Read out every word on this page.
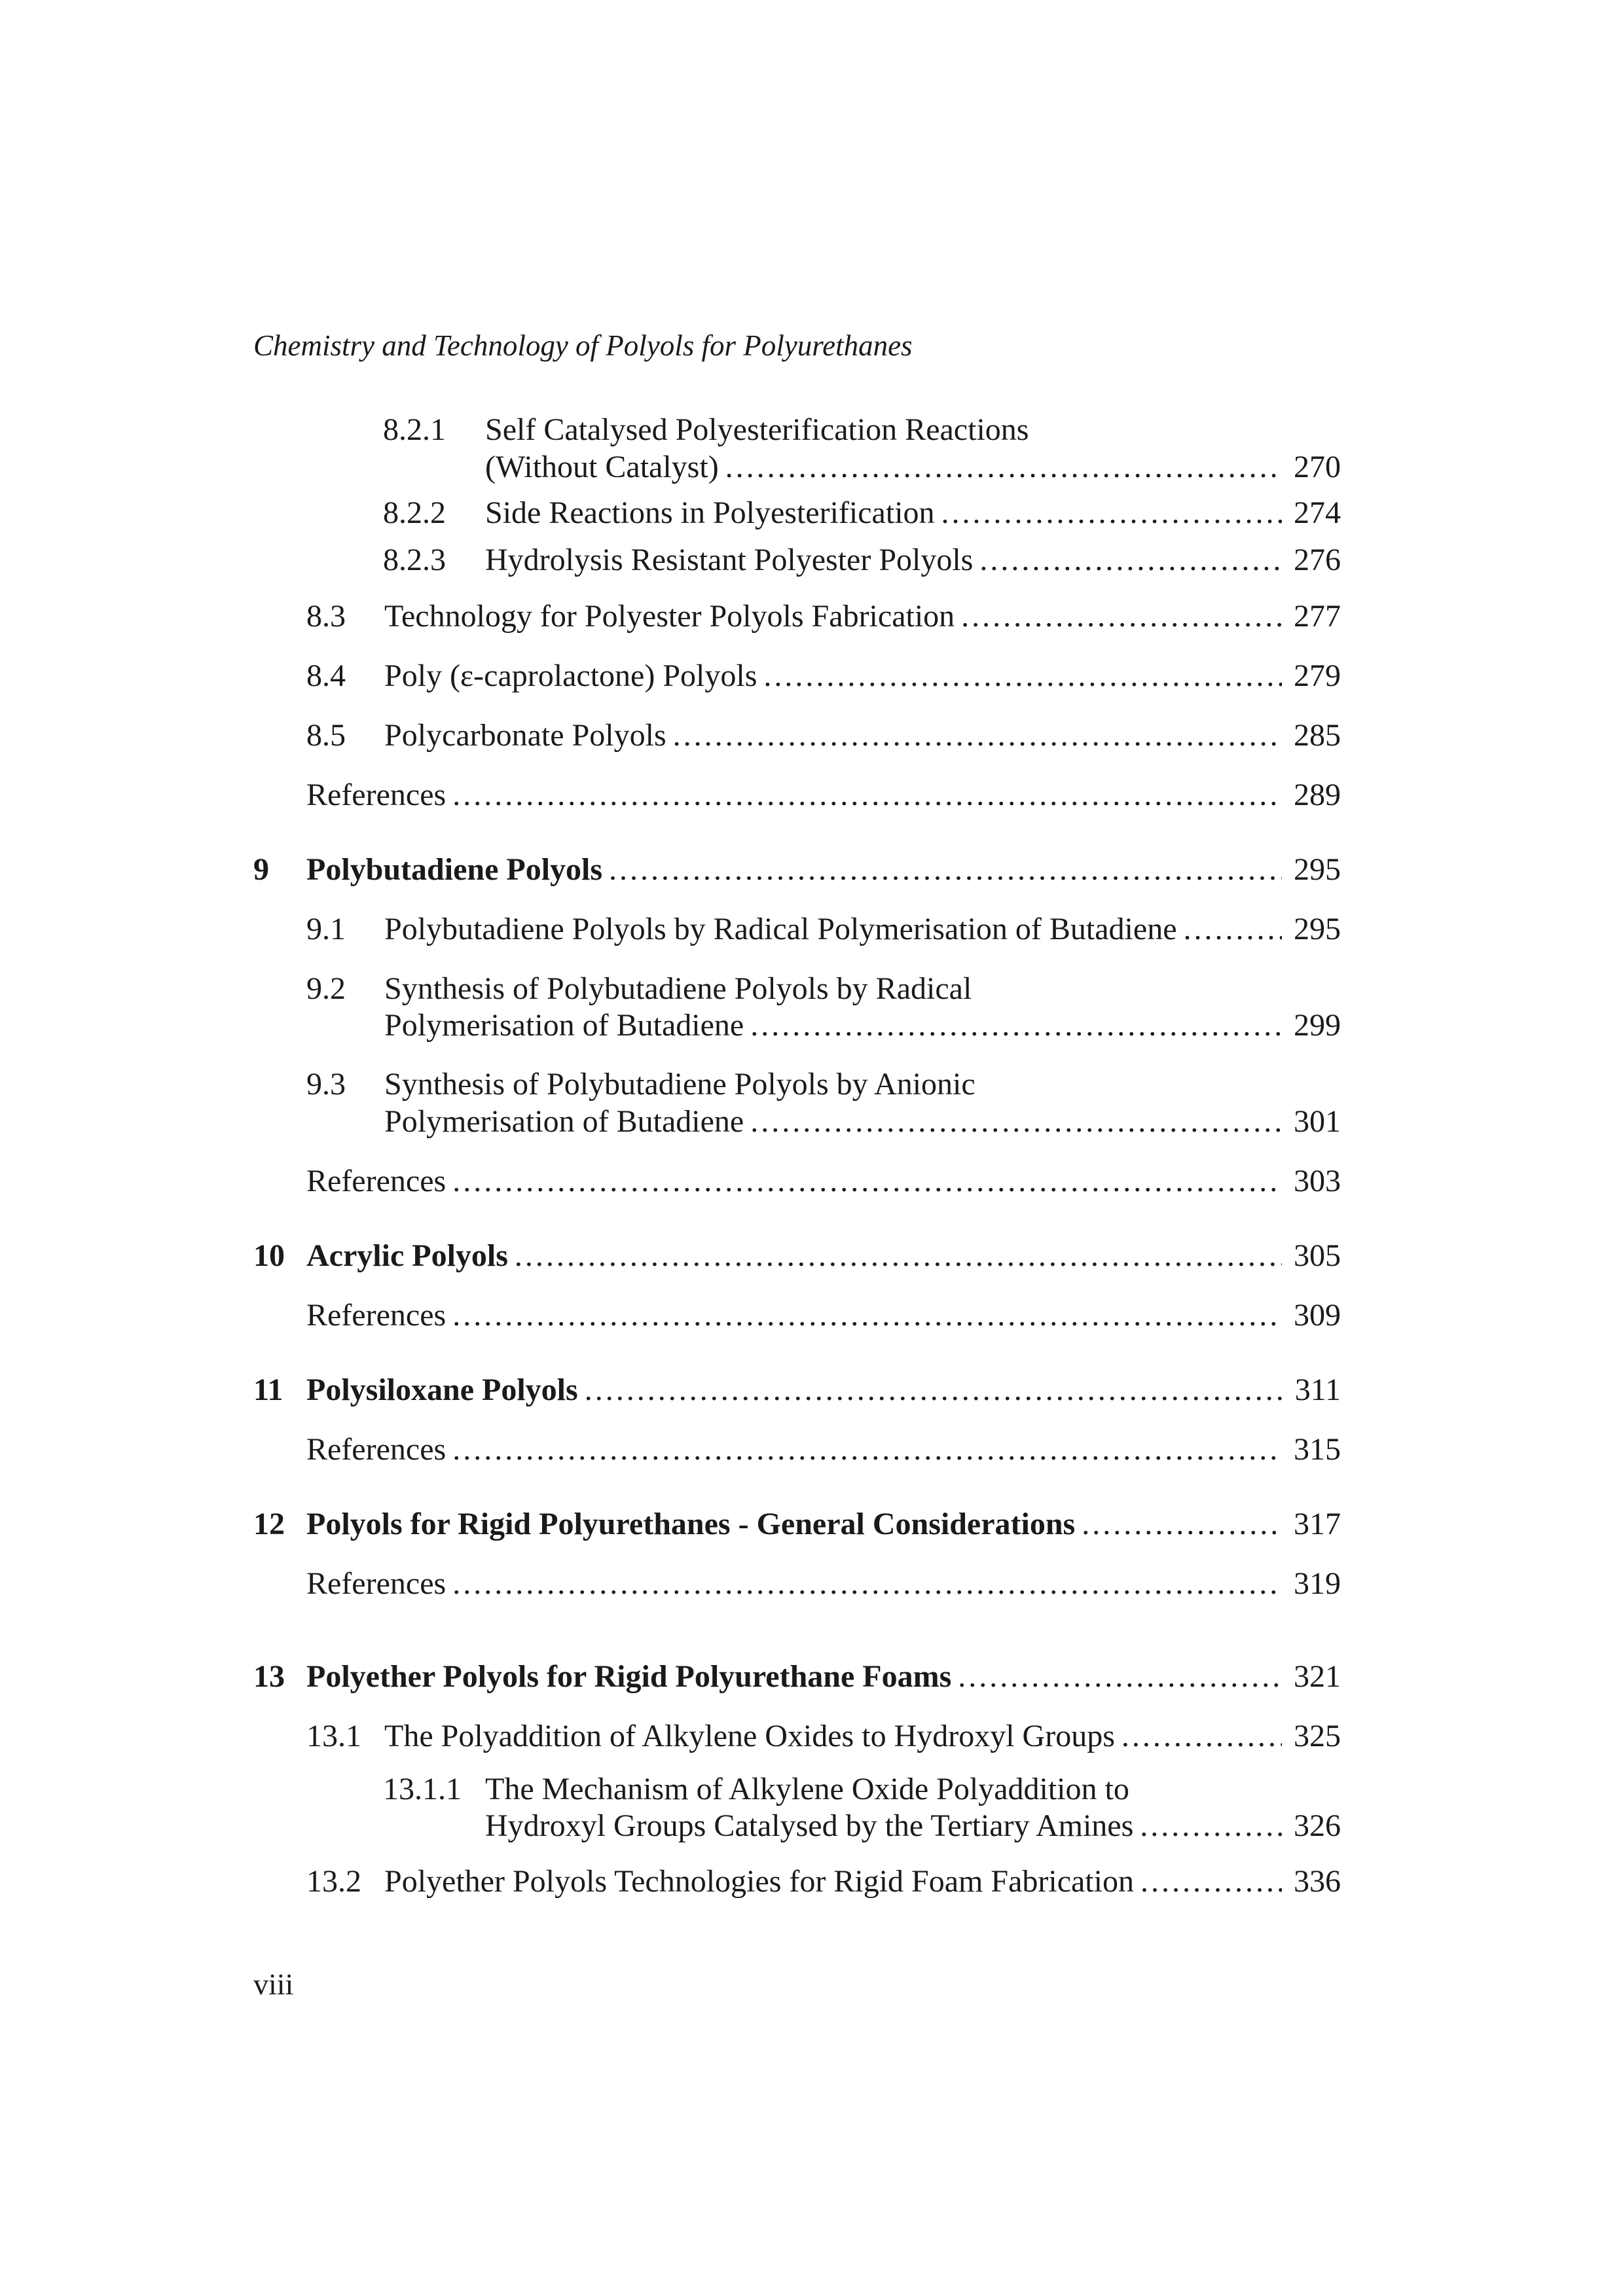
Chemistry and Technology of Polyols for Polyurethanes
8.2.1 Self Catalysed Polyesterification Reactions
(Without Catalyst) . . .	270
8.2.2 Side Reactions in Polyesterification . . .	274
8.2.3 Hydrolysis Resistant Polyester Polyols . . .	276
8.3 Technology for Polyester Polyols Fabrication . . .	277
8.4 Poly (ε-caprolactone) Polyols . . .	279
8.5 Polycarbonate Polyols . . .	285
References . . .	289
9 Polybutadiene Polyols . . .	295
9.1 Polybutadiene Polyols by Radical Polymerisation of Butadiene . . .	295
9.2 Synthesis of Polybutadiene Polyols by Radical
Polymerisation of Butadiene . . .	299
9.3 Synthesis of Polybutadiene Polyols by Anionic
Polymerisation of Butadiene . . .	301
References . . .	303
10 Acrylic Polyols . . .	305
References . . .	309
11 Polysiloxane Polyols . . .	311
References . . .	315
12 Polyols for Rigid Polyurethanes - General Considerations . . .	317
References . . .	319
13 Polyether Polyols for Rigid Polyurethane Foams . . .	321
13.1 The Polyaddition of Alkylene Oxides to Hydroxyl Groups . . .	325
13.1.1 The Mechanism of Alkylene Oxide Polyaddition to
Hydroxyl Groups Catalysed by the Tertiary Amines . . .	326
13.2 Polyether Polyols Technologies for Rigid Foam Fabrication . . .	336
viii
